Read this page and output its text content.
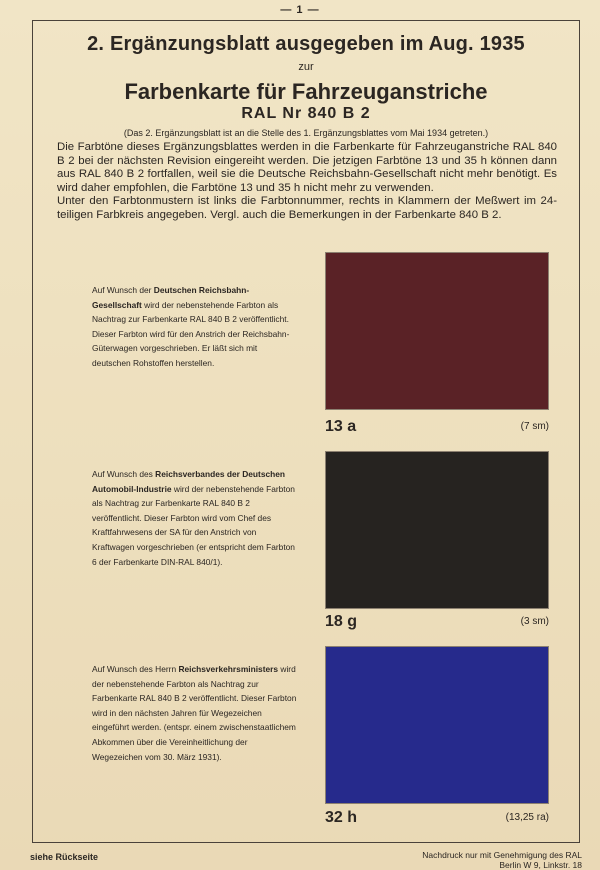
— 1 —
2. Ergänzungsblatt ausgegeben im Aug. 1935
zur
Farbenkarte für Fahrzeuganstriche
RAL Nr 840 B 2
(Das 2. Ergänzungsblatt ist an die Stelle des 1. Ergänzungsblattes vom Mai 1934 getreten.)

Die Farbtöne dieses Ergänzungsblattes werden in die Farbenkarte für Fahrzeuganstriche RAL 840 B 2 bei der nächsten Revision eingereiht werden. Die jetzigen Farbtöne 13 und 35 h können dann aus RAL 840 B 2 fortfallen, weil sie die Deutsche Reichsbahn-Gesellschaft nicht mehr benötigt. Es wird daher empfohlen, die Farbtöne 13 und 35 h nicht mehr zu verwenden.

Unter den Farbtonmustern ist links die Farbtonnummer, rechts in Klammern der Meßwert im 24-teiligen Farbkreis angegeben. Vergl. auch die Bemerkungen in der Farbenkarte 840 B 2.

Auf Wunsch der Deutschen Reichsbahn-Gesellschaft wird der nebenstehende Farbton als Nachtrag zur Farbenkarte RAL 840 B 2 veröffentlicht. Dieser Farbton wird für den Anstrich der Reichsbahn-Güterwagen vorgeschrieben. Er läßt sich mit deutschen Rohstoffen herstellen.
13 a	(7 sm)
Auf Wunsch des Reichsverbandes der Deutschen Automobil-Industrie wird der nebenstehende Farbton als Nachtrag zur Farbenkarte RAL 840 B 2 veröffentlicht. Dieser Farbton wird vom Chef des Kraftfahrwesens der SA für den Anstrich von Kraftwagen vorgeschrieben (er entspricht dem Farbton 6 der Farbenkarte DIN-RAL 840/1).
18 g	(3 sm)
Auf Wunsch des Herrn Reichsverkehrsministers wird der nebenstehende Farbton als Nachtrag zur Farbenkarte RAL 840 B 2 veröffentlicht. Dieser Farbton wird in den nächsten Jahren für Wegezeichen eingeführt werden. (entspr. einem zwischenstaatlichem Abkommen über die Vereinheitlichung der Wegezeichen vom 30. März 1931).
32 h	(13,25 ra)
siehe Rückseite	Nachdruck nur mit Genehmigung des RAL
Berlin W 9, Linkstr. 18
